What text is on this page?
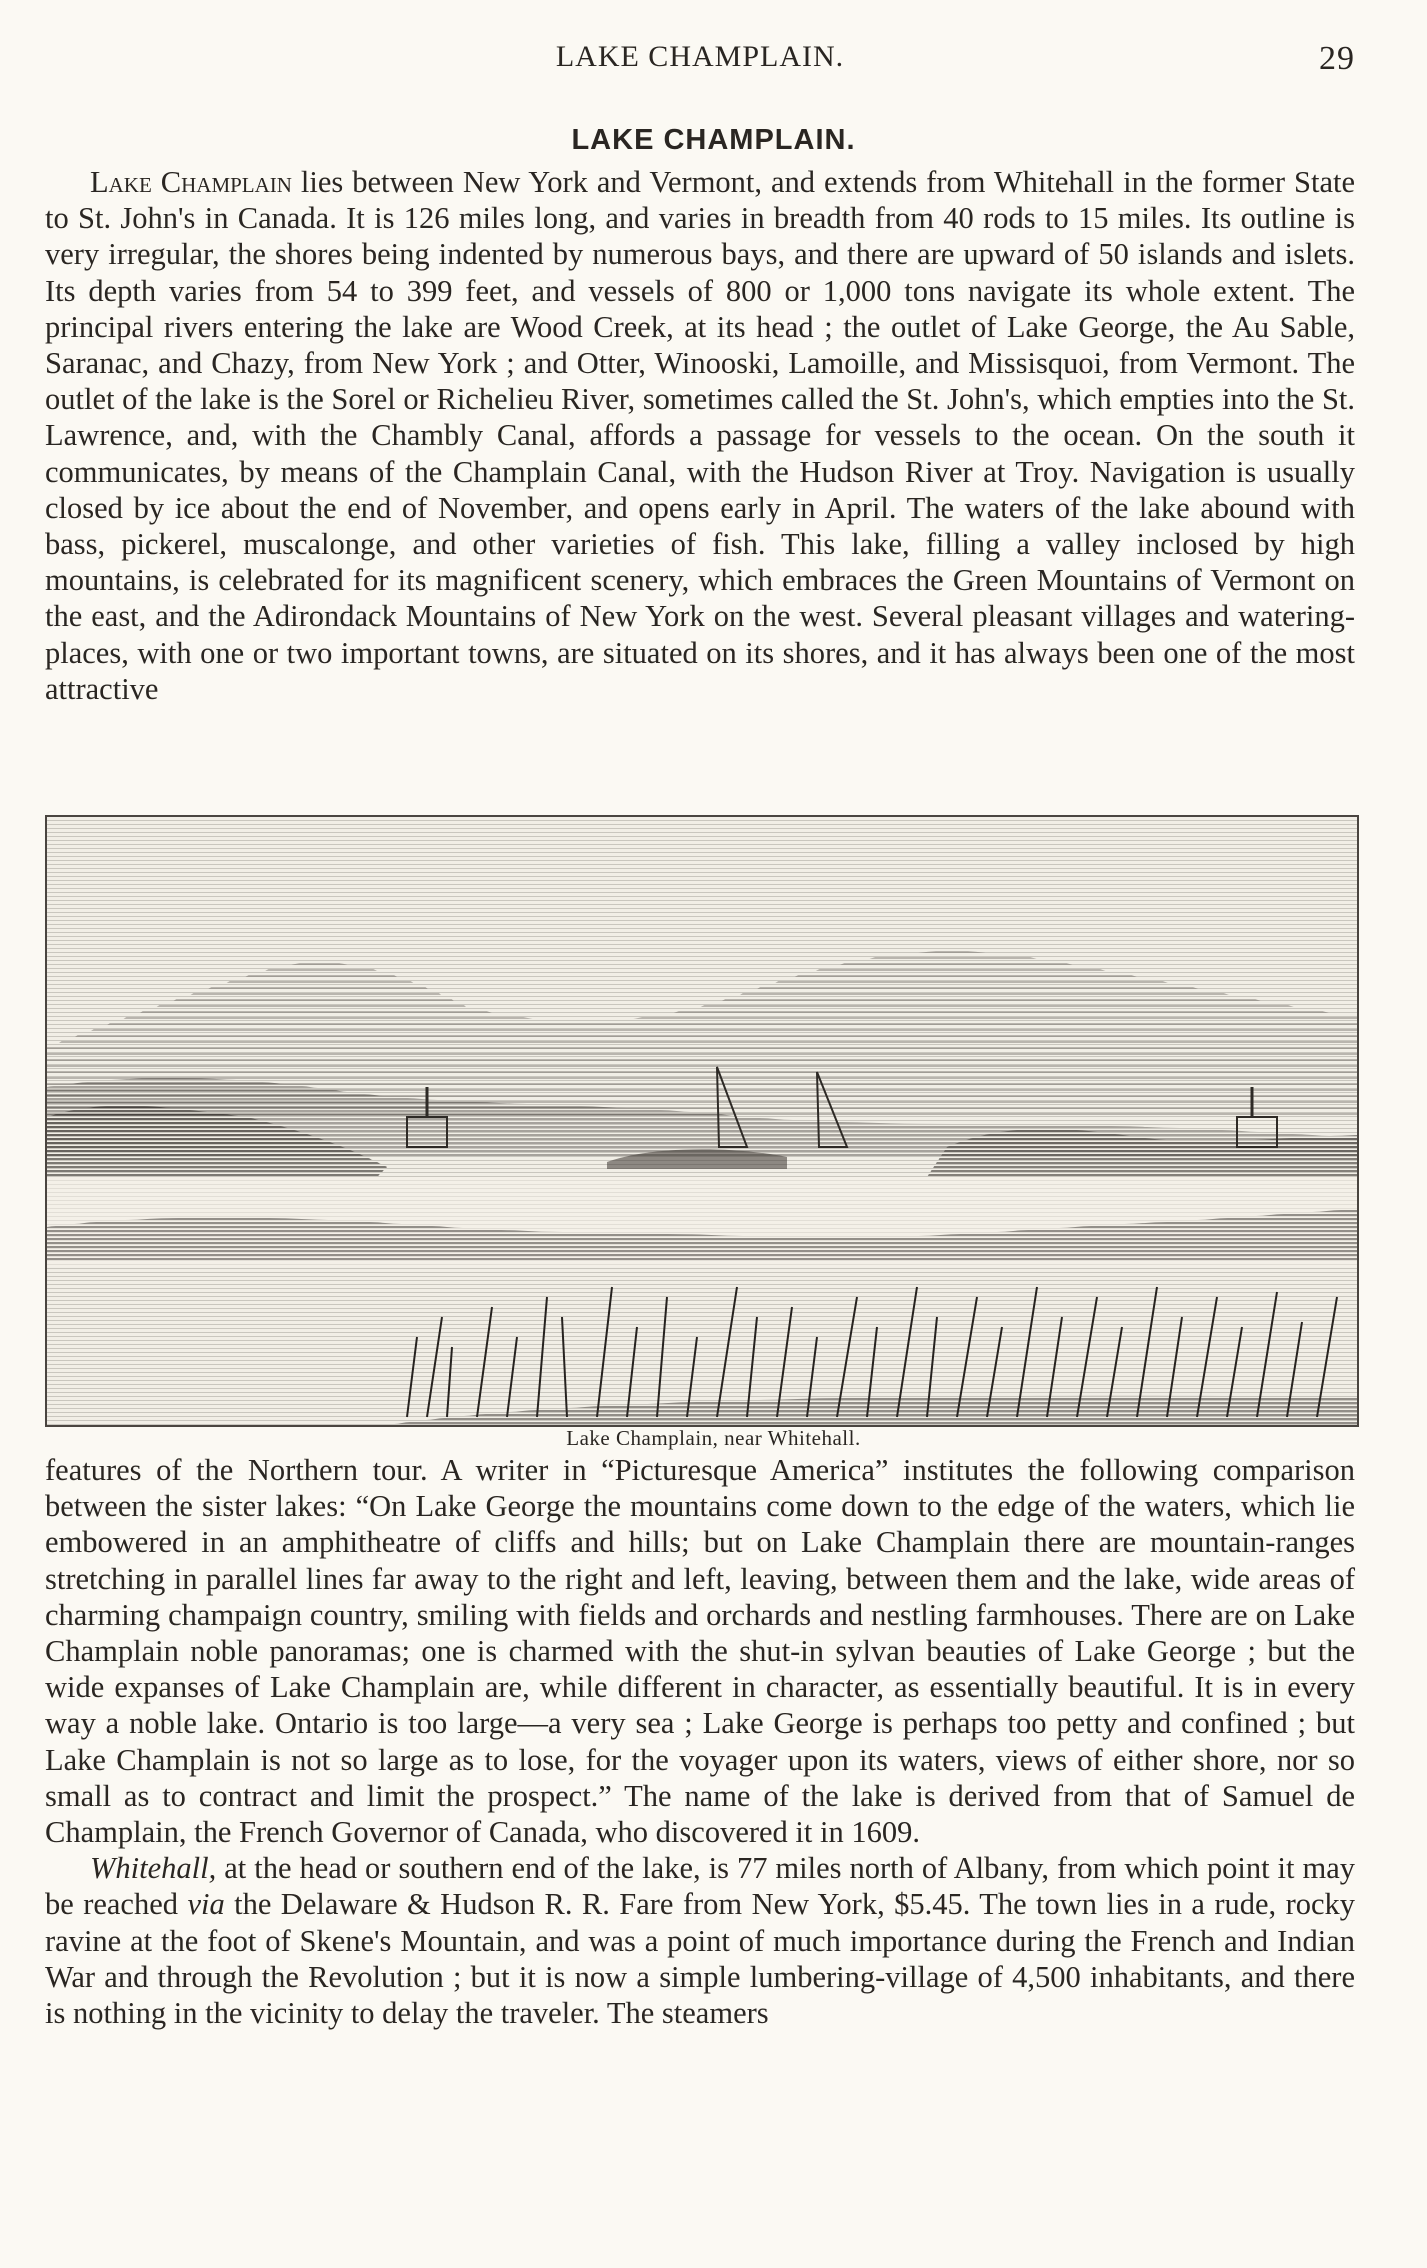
LAKE CHAMPLAIN.	29
LAKE CHAMPLAIN.

Lake Champlain lies between New York and Vermont, and extends from Whitehall in the former State to St. John's in Canada. It is 126 miles long, and varies in breadth from 40 rods to 15 miles. Its outline is very irregular, the shores being indented by numerous bays, and there are upward of 50 islands and islets. Its depth varies from 54 to 399 feet, and vessels of 800 or 1,000 tons navigate its whole extent. The principal rivers entering the lake are Wood Creek, at its head ; the outlet of Lake George, the Au Sable, Saranac, and Chazy, from New York ; and Otter, Winooski, Lamoille, and Missisquoi, from Vermont. The outlet of the lake is the Sorel or Richelieu River, sometimes called the St. John's, which empties into the St. Lawrence, and, with the Chambly Canal, affords a passage for vessels to the ocean. On the south it communicates, by means of the Champlain Canal, with the Hudson River at Troy. Navigation is usually closed by ice about the end of November, and opens early in April. The waters of the lake abound with bass, pickerel, muscalonge, and other varieties of fish. This lake, filling a valley inclosed by high mountains, is celebrated for its magnificent scenery, which embraces the Green Mountains of Vermont on the east, and the Adirondack Mountains of New York on the west. Several pleasant villages and watering-places, with one or two important towns, are situated on its shores, and it has always been one of the most attractive

Lake Champlain, near Whitehall.

features of the Northern tour. A writer in “Picturesque America” institutes the following comparison between the sister lakes: “On Lake George the mountains come down to the edge of the waters, which lie embowered in an amphitheatre of cliffs and hills; but on Lake Champlain there are mountain-ranges stretching in parallel lines far away to the right and left, leaving, between them and the lake, wide areas of charming champaign country, smiling with fields and orchards and nestling farmhouses. There are on Lake Champlain noble panoramas; one is charmed with the shut-in sylvan beauties of Lake George ; but the wide expanses of Lake Champlain are, while different in character, as essentially beautiful. It is in every way a noble lake. Ontario is too large—a very sea ; Lake George is perhaps too petty and confined ; but Lake Champlain is not so large as to lose, for the voyager upon its waters, views of either shore, nor so small as to contract and limit the prospect.” The name of the lake is derived from that of Samuel de Champlain, the French Governor of Canada, who discovered it in 1609.

Whitehall, at the head or southern end of the lake, is 77 miles north of Albany, from which point it may be reached via the Delaware & Hudson R. R. Fare from New York, $5.45. The town lies in a rude, rocky ravine at the foot of Skene's Mountain, and was a point of much importance during the French and Indian War and through the Revolution ; but it is now a simple lumbering-village of 4,500 inhabitants, and there is nothing in the vicinity to delay the traveler. The steamers
